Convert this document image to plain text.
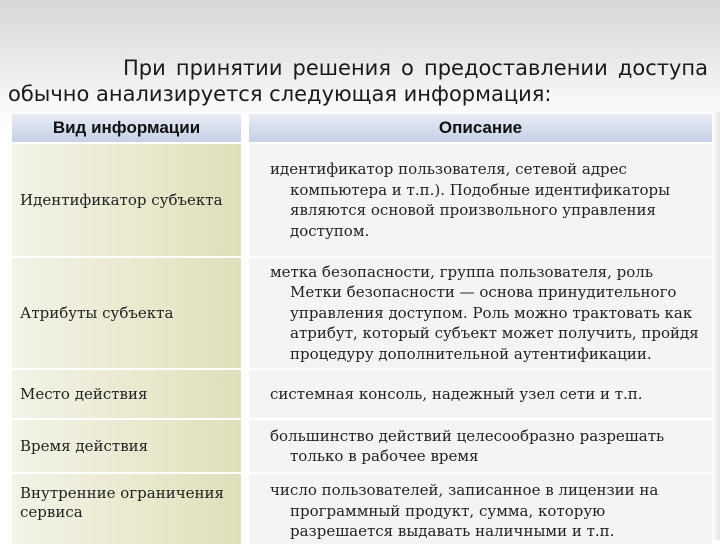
При принятии решения о предоставлении доступа
обычно анализируется следующая информация:
Вид информации	Описание
Идентификатор субъекта	идентификатор пользователя, сетевой адрес компьютера и т.п.). Подобные идентификаторы являются основой произвольного управления доступом.

Атрибуты субъекта	метка безопасности, группа пользователя, роль Метки безопасности — основа принудительного управления доступом. Роль можно трактовать как атрибут, который субъект может получить, пройдя процедуру дополнительной аутентификации.

Место действия	системная консоль, надежный узел сети и т.п.

Время действия	большинство действий целесообразно разрешать только в рабочее время

Внутренние ограничения сервиса	число пользователей, записанное в лицензии на программный продукт, сумма, которую разрешается выдавать наличными и т.п.
